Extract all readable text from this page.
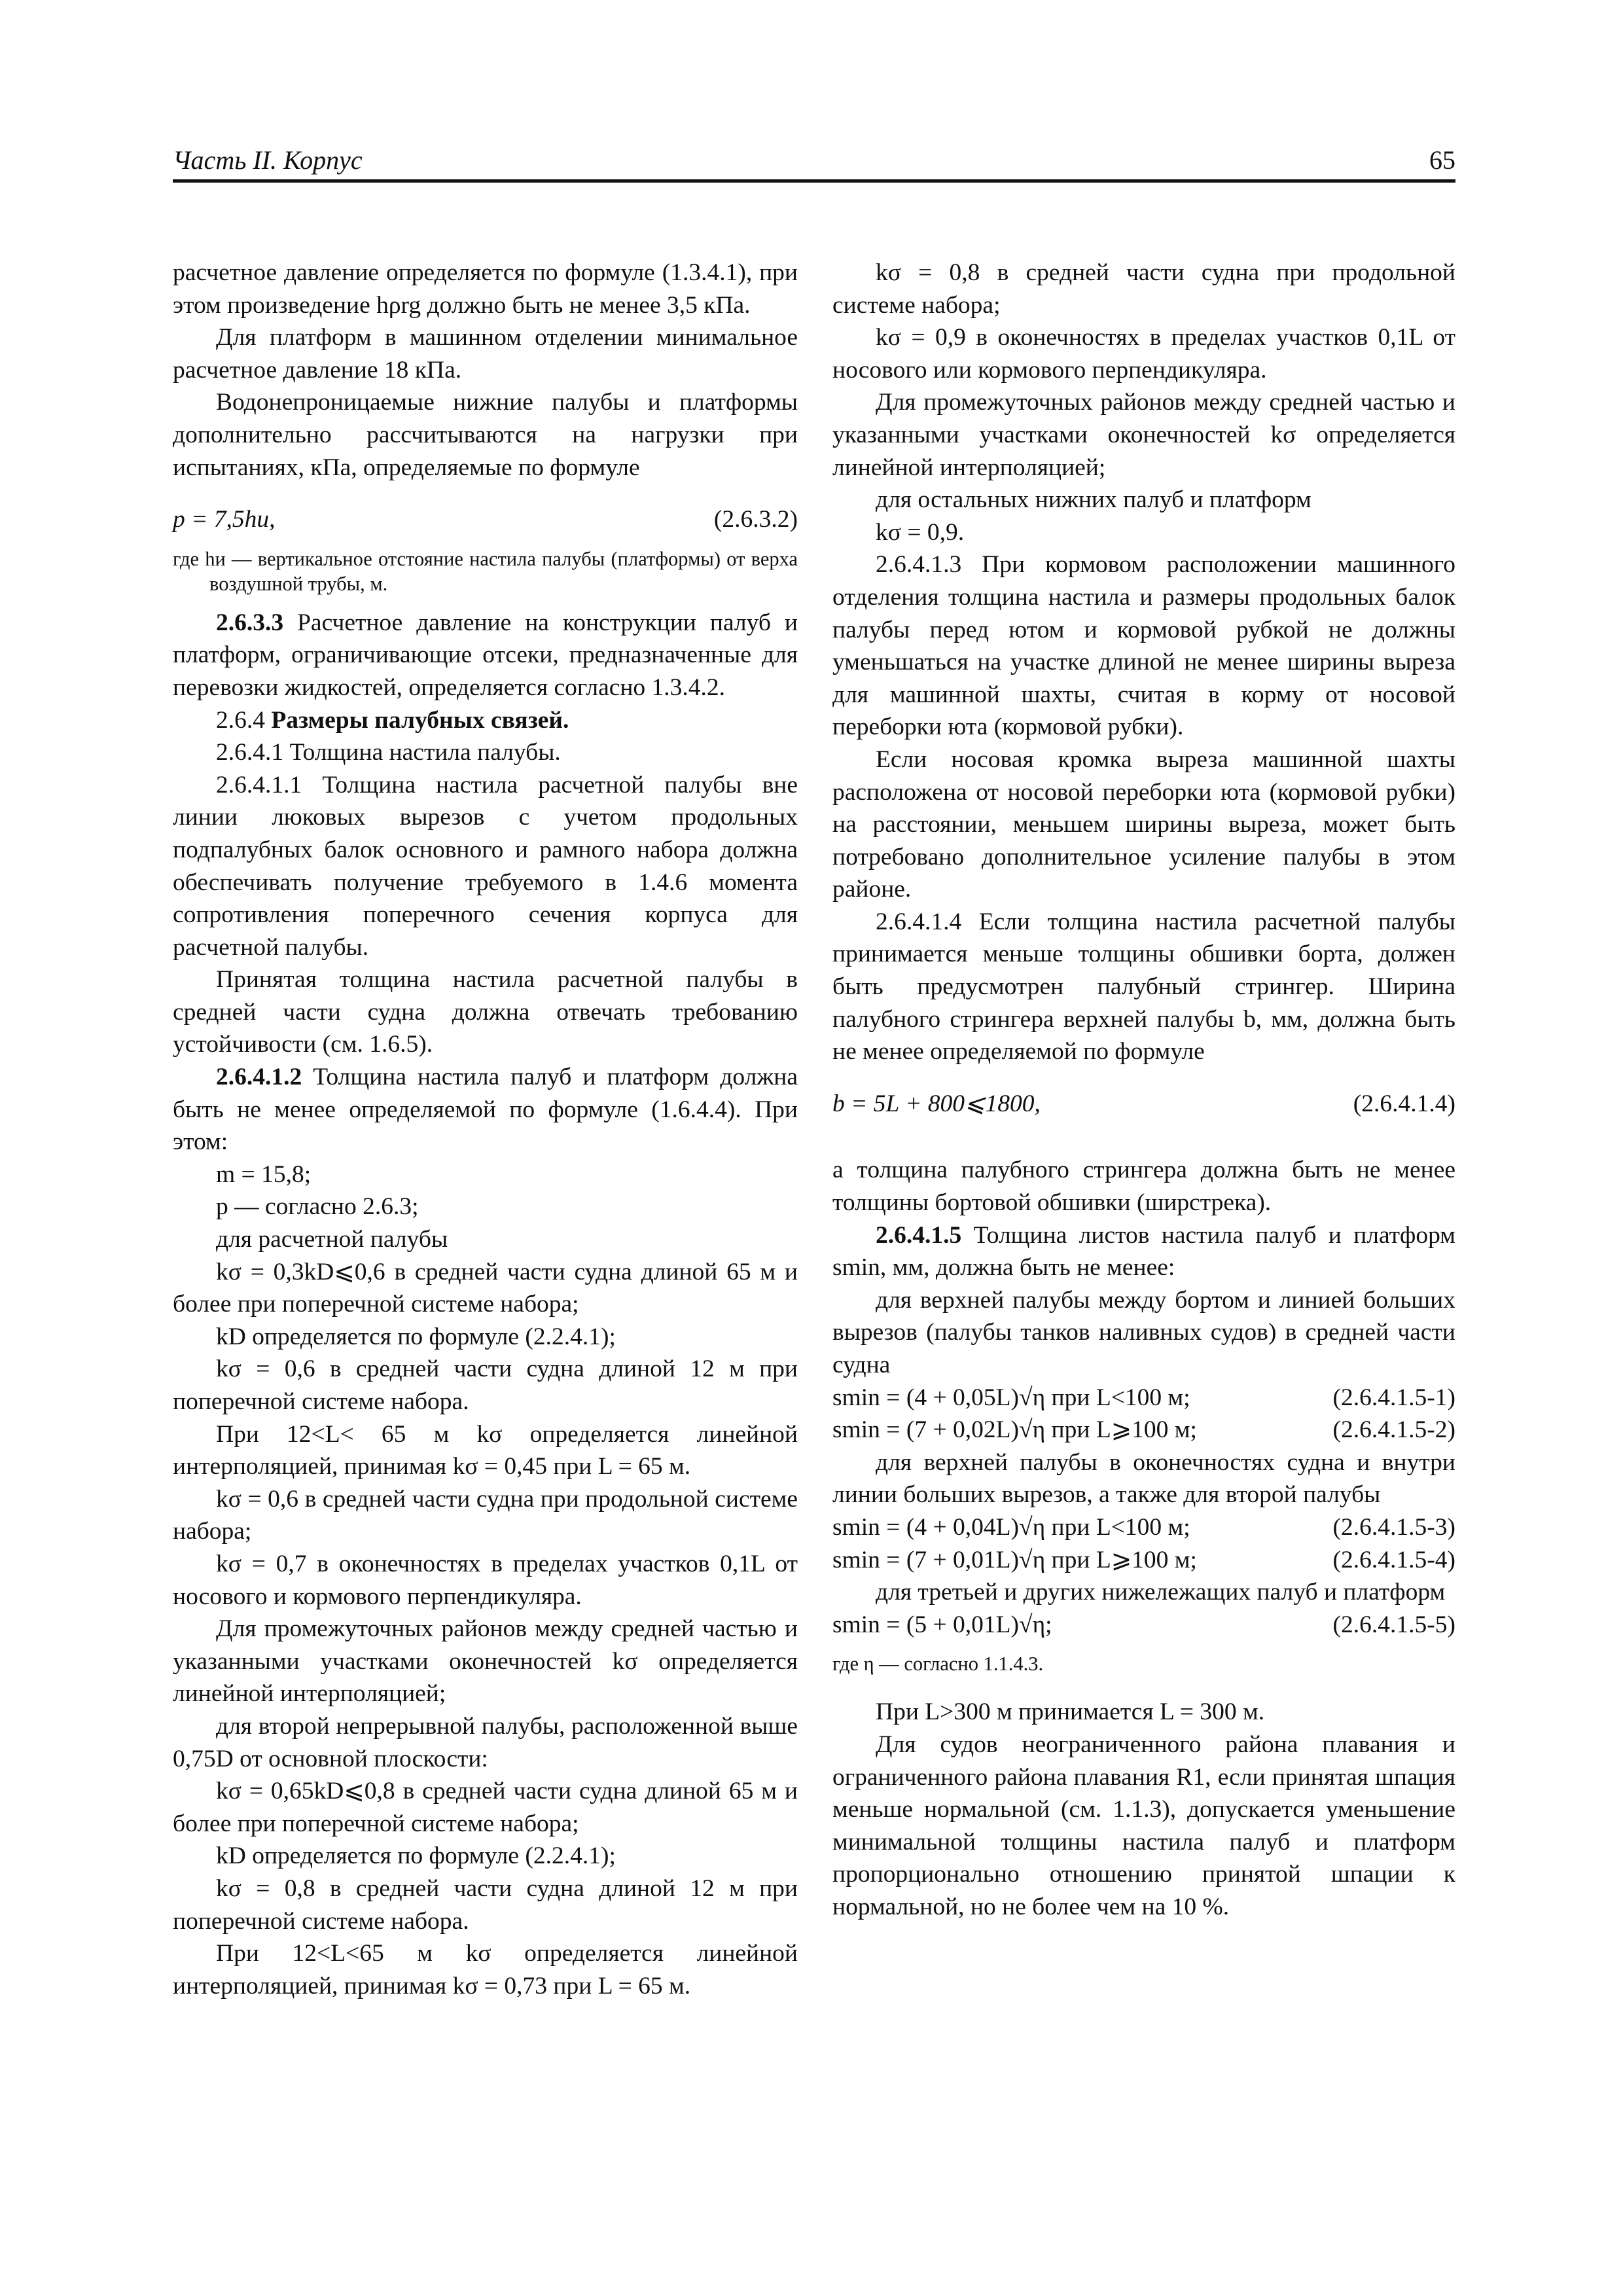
Часть II. Корпус	65

расчетное давление определяется по формуле (1.3.4.1), при этом произведение hρrg должно быть не менее 3,5 кПа.

Для платформ в машинном отделении минимальное расчетное давление 18 кПа.

Водонепроницаемые нижние палубы и платформы дополнительно рассчитываются на нагрузки при испытаниях, кПа, определяемые по формуле

p = 7,5hи,	(2.6.3.2)

где hи — вертикальное отстояние настила палубы (платформы) от верха воздушной трубы, м.

2.6.3.3 Расчетное давление на конструкции палуб и платформ, ограничивающие отсеки, предназначенные для перевозки жидкостей, определяется согласно 1.3.4.2.

2.6.4 Размеры палубных связей.

2.6.4.1 Толщина настила палубы.

2.6.4.1.1 Толщина настила расчетной палубы вне линии люковых вырезов с учетом продольных подпалубных балок основного и рамного набора должна обеспечивать получение требуемого в 1.4.6 момента сопротивления поперечного сечения корпуса для расчетной палубы.

Принятая толщина настила расчетной палубы в средней части судна должна отвечать требованию устойчивости (см. 1.6.5).

2.6.4.1.2 Толщина настила палуб и платформ должна быть не менее определяемой по формуле (1.6.4.4). При этом:

m = 15,8;

p — согласно 2.6.3;

для расчетной палубы

kσ = 0,3kD⩽0,6 в средней части судна длиной 65 м и более при поперечной системе набора;

kD определяется по формуле (2.2.4.1);

kσ = 0,6 в средней части судна длиной 12 м при поперечной системе набора.

При 12<L< 65 м kσ определяется линейной интерполяцией, принимая kσ = 0,45 при L = 65 м.

kσ = 0,6 в средней части судна при продольной системе набора;

kσ = 0,7 в оконечностях в пределах участков 0,1L от носового и кормового перпендикуляра.

Для промежуточных районов между средней частью и указанными участками оконечностей kσ определяется линейной интерполяцией;

для второй непрерывной палубы, расположенной выше 0,75D от основной плоскости:

kσ = 0,65kD⩽0,8 в средней части судна длиной 65 м и более при поперечной системе набора;

kD определяется по формуле (2.2.4.1);

kσ = 0,8 в средней части судна длиной 12 м при поперечной системе набора.

При 12<L<65 м kσ определяется линейной интерполяцией, принимая kσ = 0,73 при L = 65 м.

kσ = 0,8 в средней части судна при продольной системе набора;

kσ = 0,9 в оконечностях в пределах участков 0,1L от носового или кормового перпендикуляра.

Для промежуточных районов между средней частью и указанными участками оконечностей kσ определяется линейной интерполяцией;

для остальных нижних палуб и платформ

kσ = 0,9.

2.6.4.1.3 При кормовом расположении машинного отделения толщина настила и размеры продольных балок палубы перед ютом и кормовой рубкой не должны уменьшаться на участке длиной не менее ширины выреза для машинной шахты, считая в корму от носовой переборки юта (кормовой рубки).

Если носовая кромка выреза машинной шахты расположена от носовой переборки юта (кормовой рубки) на расстоянии, меньшем ширины выреза, может быть потребовано дополнительное усиление палубы в этом районе.

2.6.4.1.4 Если толщина настила расчетной палубы принимается меньше толщины обшивки борта, должен быть предусмотрен палубный стрингер. Ширина палубного стрингера верхней палубы b, мм, должна быть не менее определяемой по формуле

b = 5L + 800⩽1800,	(2.6.4.1.4)

а толщина палубного стрингера должна быть не менее толщины бортовой обшивки (ширстрека).

2.6.4.1.5 Толщина листов настила палуб и платформ smin, мм, должна быть не менее:

для верхней палубы между бортом и линией больших вырезов (палубы танков наливных судов) в средней части судна

smin = (4 + 0,05L)√η при L<100 м;	(2.6.4.1.5-1)
smin = (7 + 0,02L)√η при L⩾100 м;	(2.6.4.1.5-2)

для верхней палубы в оконечностях судна и внутри линии больших вырезов, а также для второй палубы

smin = (4 + 0,04L)√η при L<100 м;	(2.6.4.1.5-3)
smin = (7 + 0,01L)√η при L⩾100 м;	(2.6.4.1.5-4)

для третьей и других нижележащих палуб и платформ

smin = (5 + 0,01L)√η;	(2.6.4.1.5-5)

где η — согласно 1.1.4.3.

При L>300 м принимается L = 300 м.

Для судов неограниченного района плавания и ограниченного района плавания R1, если принятая шпация меньше нормальной (см. 1.1.3), допускается уменьшение минимальной толщины настила палуб и платформ пропорционально отношению принятой шпации к нормальной, но не более чем на 10 %.
